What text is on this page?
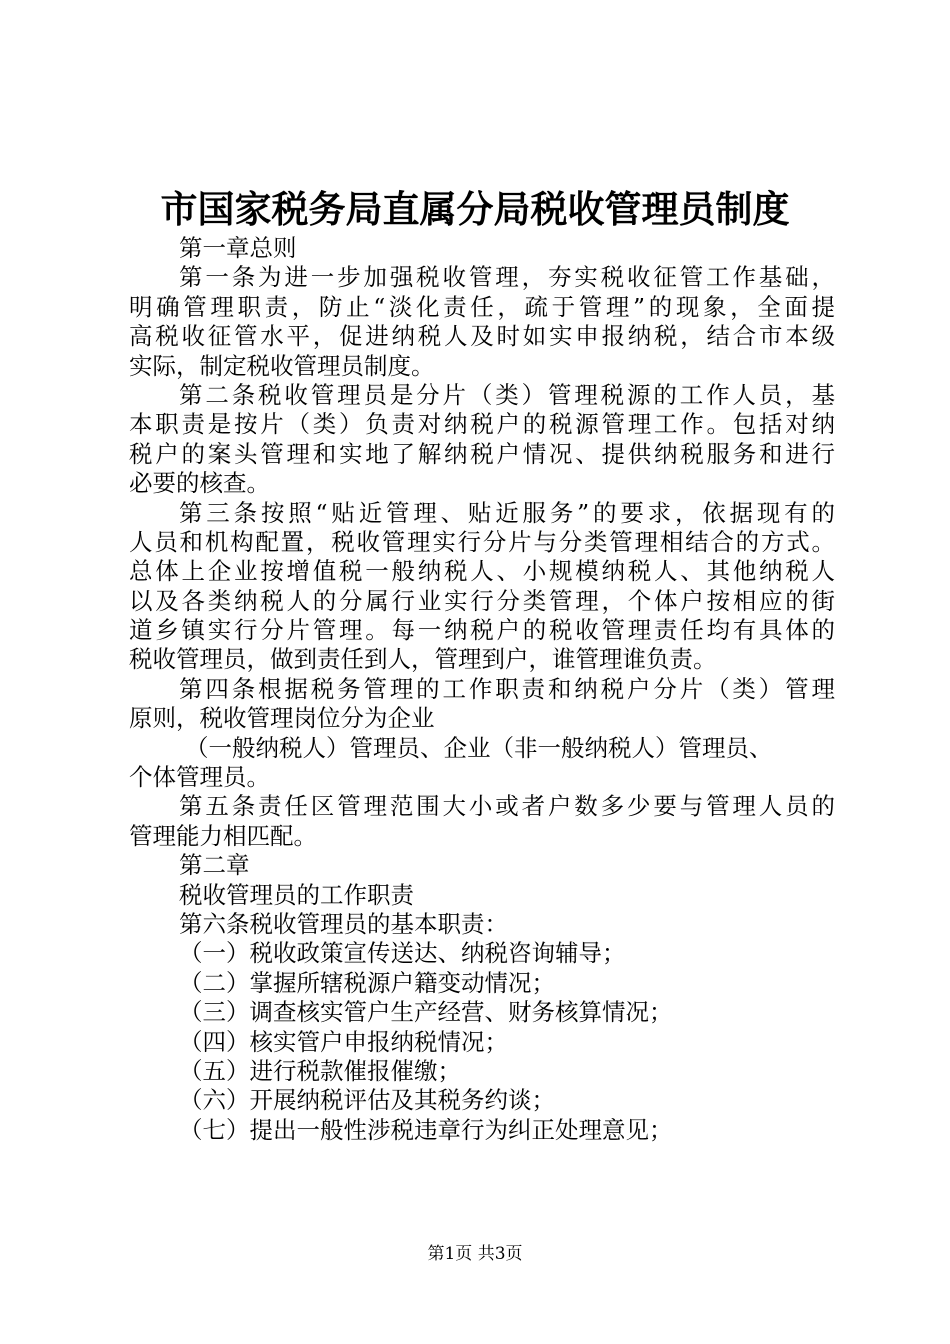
市国家税务局直属分局税收管理员制度
第一章总则
第一条为进一步加强税收管理，夯实税收征管工作基础，
明确管理职责，防止“淡化责任，疏于管理”的现象，全面提
高税收征管水平，促进纳税人及时如实申报纳税，结合市本级
实际，制定税收管理员制度。
第二条税收管理员是分片（类）管理税源的工作人员，基
本职责是按片（类）负责对纳税户的税源管理工作。包括对纳
税户的案头管理和实地了解纳税户情况、提供纳税服务和进行
必要的核查。
第三条按照“贴近管理、贴近服务”的要求，依据现有的
人员和机构配置，税收管理实行分片与分类管理相结合的方式。
总体上企业按增值税一般纳税人、小规模纳税人、其他纳税人
以及各类纳税人的分属行业实行分类管理，个体户按相应的街
道乡镇实行分片管理。每一纳税户的税收管理责任均有具体的
税收管理员，做到责任到人，管理到户，谁管理谁负责。
第四条根据税务管理的工作职责和纳税户分片（类）管理
原则，税收管理岗位分为企业
（一般纳税人）管理员、企业（非一般纳税人）管理员、
个体管理员。
第五条责任区管理范围大小或者户数多少要与管理人员的
管理能力相匹配。
第二章
税收管理员的工作职责
第六条税收管理员的基本职责：
（一）税收政策宣传送达、纳税咨询辅导；
（二）掌握所辖税源户籍变动情况；
（三）调查核实管户生产经营、财务核算情况；
（四）核实管户申报纳税情况；
（五）进行税款催报催缴；
（六）开展纳税评估及其税务约谈；
（七）提出一般性涉税违章行为纠正处理意见；
第1页 共3页
